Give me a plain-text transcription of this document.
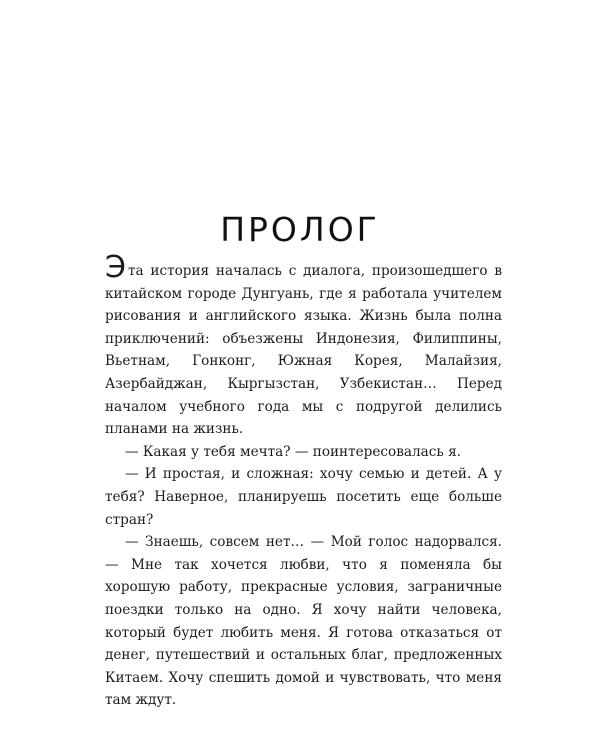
ПРОЛОГ

Эта история началась с диалога, произошедшего в китайском городе Дунгуань, где я работала учителем рисования и английского языка. Жизнь была полна приключений: объезжены Индонезия, Филиппины, Вьетнам, Гонконг, Южная Корея, Малайзия, Азербайджан, Кыргызстан, Узбекистан… Перед началом учебного года мы с подругой делились планами на жизнь.

— Какая у тебя мечта? — поинтересовалась я.

— И простая, и сложная: хочу семью и детей. А у тебя? Наверное, планируешь посетить еще больше стран?

— Знаешь, совсем нет… — Мой голос надорвался. — Мне так хочется любви, что я поменяла бы хорошую работу, прекрасные условия, заграничные поездки только на одно. Я хочу найти человека, который будет любить меня. Я готова отказаться от денег, путешествий и остальных благ, предложенных Китаем. Хочу спешить домой и чувствовать, что меня там ждут.
